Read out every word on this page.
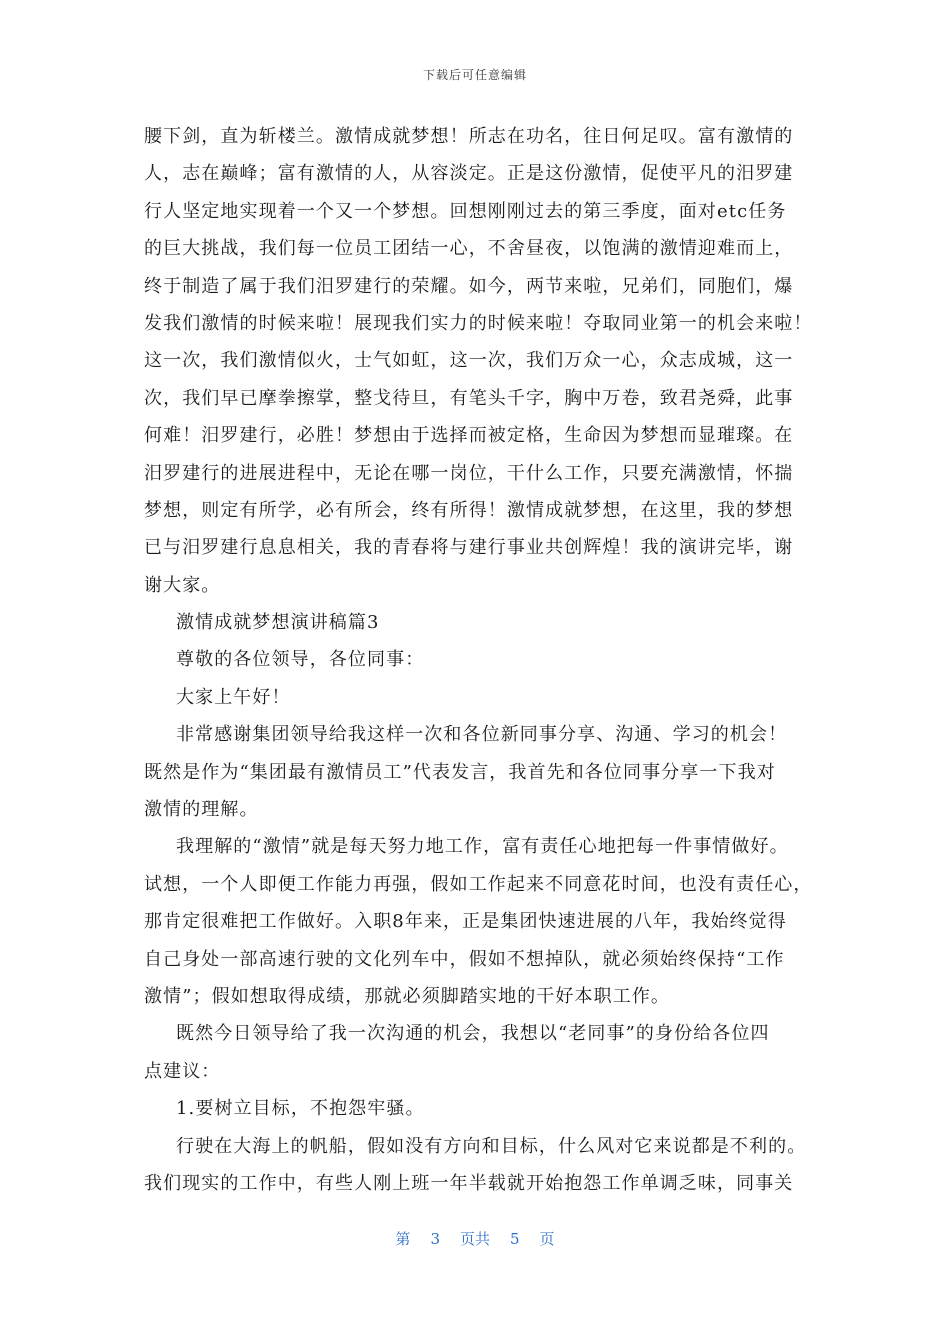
下载后可任意编辑
腰下剑，直为斩楼兰。激情成就梦想！所志在功名，往日何足叹。富有激情的
人，志在巅峰；富有激情的人，从容淡定。正是这份激情，促使平凡的汨罗建
行人坚定地实现着一个又一个梦想。回想刚刚过去的第三季度，面对etc任务
的巨大挑战，我们每一位员工团结一心，不舍昼夜，以饱满的激情迎难而上，
终于制造了属于我们汨罗建行的荣耀。如今，两节来啦，兄弟们，同胞们，爆
发我们激情的时候来啦！展现我们实力的时候来啦！夺取同业第一的机会来啦！
这一次，我们激情似火，士气如虹，这一次，我们万众一心，众志成城，这一
次，我们早已摩拳擦掌，整戈待旦，有笔头千字，胸中万卷，致君尧舜，此事
何难！汨罗建行，必胜！梦想由于选择而被定格，生命因为梦想而显璀璨。在
汨罗建行的进展进程中，无论在哪一岗位，干什么工作，只要充满激情，怀揣
梦想，则定有所学，必有所会，终有所得！激情成就梦想，在这里，我的梦想
已与汨罗建行息息相关，我的青春将与建行事业共创辉煌！我的演讲完毕，谢
谢大家。
激情成就梦想演讲稿篇3
尊敬的各位领导，各位同事：
大家上午好！
非常感谢集团领导给我这样一次和各位新同事分享、沟通、学习的机会！
既然是作为“集团最有激情员工”代表发言，我首先和各位同事分享一下我对
激情的理解。
我理解的“激情”就是每天努力地工作，富有责任心地把每一件事情做好。
试想，一个人即便工作能力再强，假如工作起来不同意花时间，也没有责任心，
那肯定很难把工作做好。入职8年来，正是集团快速进展的八年，我始终觉得
自己身处一部高速行驶的文化列车中，假如不想掉队，就必须始终保持“工作
激情”；假如想取得成绩，那就必须脚踏实地的干好本职工作。
既然今日领导给了我一次沟通的机会，我想以“老同事”的身份给各位四
点建议：
1.要树立目标，不抱怨牢骚。
行驶在大海上的帆船，假如没有方向和目标，什么风对它来说都是不利的。
我们现实的工作中，有些人刚上班一年半载就开始抱怨工作单调乏味，同事关
第 3 页共 5 页
